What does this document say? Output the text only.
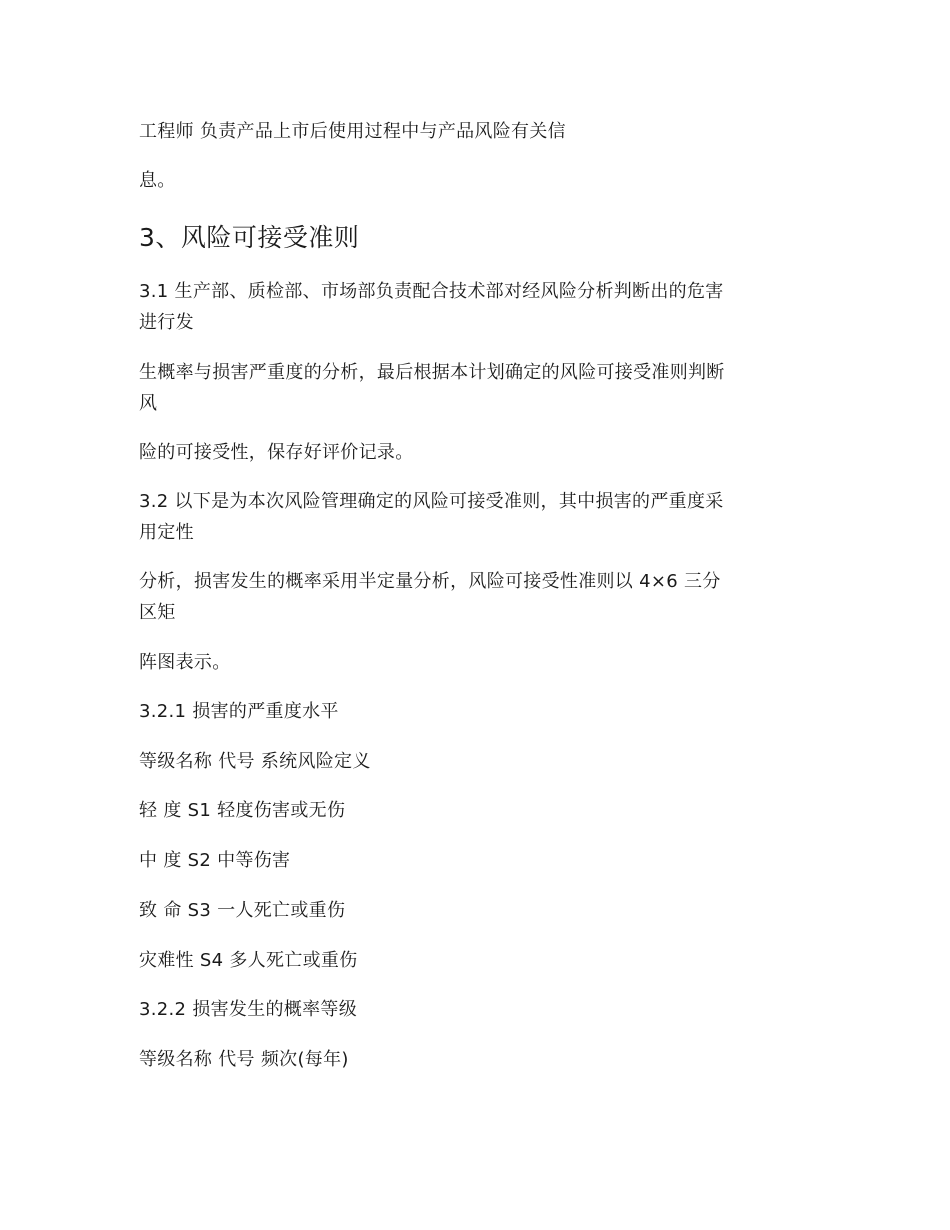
工程师 负责产品上市后使用过程中与产品风险有关信
息。
3、风险可接受准则
3.1 生产部、质检部、市场部负责配合技术部对经风险分析判断出的危害
进行发
生概率与损害严重度的分析，最后根据本计划确定的风险可接受准则判断
风
险的可接受性，保存好评价记录。
3.2 以下是为本次风险管理确定的风险可接受准则，其中损害的严重度采
用定性
分析，损害发生的概率采用半定量分析，风险可接受性准则以 4×6 三分
区矩
阵图表示。
3.2.1 损害的严重度水平
等级名称 代号 系统风险定义
轻 度 S1 轻度伤害或无伤
中 度 S2 中等伤害
致 命 S3 一人死亡或重伤
灾难性 S4 多人死亡或重伤
3.2.2 损害发生的概率等级
等级名称 代号 频次(每年)
